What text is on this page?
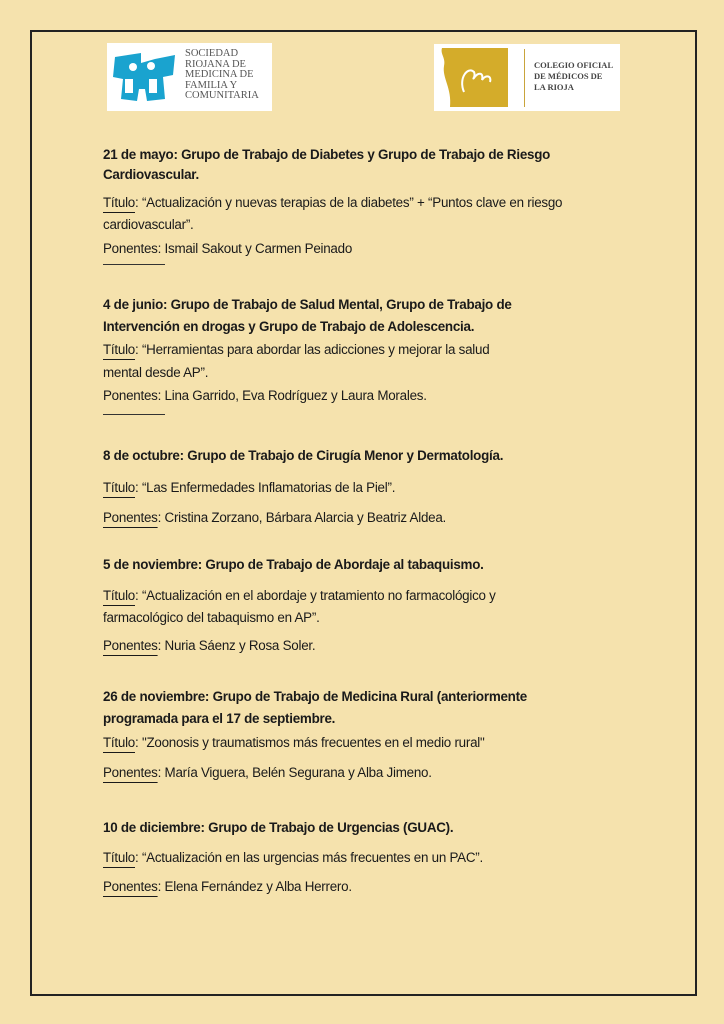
SOCIEDAD
RIOJANA DE
MEDICINA DE
FAMILIA Y
COMUNITARIA
COLEGIO OFICIAL
DE MÉDICOS DE
LA RIOJA
21 de mayo: Grupo de Trabajo de Diabetes y Grupo de Trabajo de Riesgo
Cardiovascular.
Título: “Actualización y nuevas terapias de la diabetes” + “Puntos clave en riesgo
cardiovascular”.
Ponentes: Ismail Sakout y Carmen Peinado
4 de junio: Grupo de Trabajo de Salud Mental, Grupo de Trabajo de
Intervención en drogas y Grupo de Trabajo de Adolescencia.
Título: “Herramientas para abordar las adicciones y mejorar la salud
mental desde AP”.
Ponentes: Lina Garrido, Eva Rodríguez y Laura Morales.
8 de octubre: Grupo de Trabajo de Cirugía Menor y Dermatología.
Título: “Las Enfermedades Inflamatorias de la Piel”.
Ponentes: Cristina Zorzano, Bárbara Alarcia y Beatriz Aldea.
5 de noviembre: Grupo de Trabajo de Abordaje al tabaquismo.
Título: “Actualización en el abordaje y tratamiento no farmacológico y
farmacológico del tabaquismo en AP”.
Ponentes: Nuria Sáenz y Rosa Soler.
26 de noviembre: Grupo de Trabajo de Medicina Rural (anteriormente
programada para el 17 de septiembre.
Título: "Zoonosis y traumatismos más frecuentes en el medio rural"
Ponentes: María Viguera, Belén Segurana y Alba Jimeno.
10 de diciembre: Grupo de Trabajo de Urgencias (GUAC).
Título: “Actualización en las urgencias más frecuentes en un PAC”.
Ponentes: Elena Fernández y Alba Herrero.
